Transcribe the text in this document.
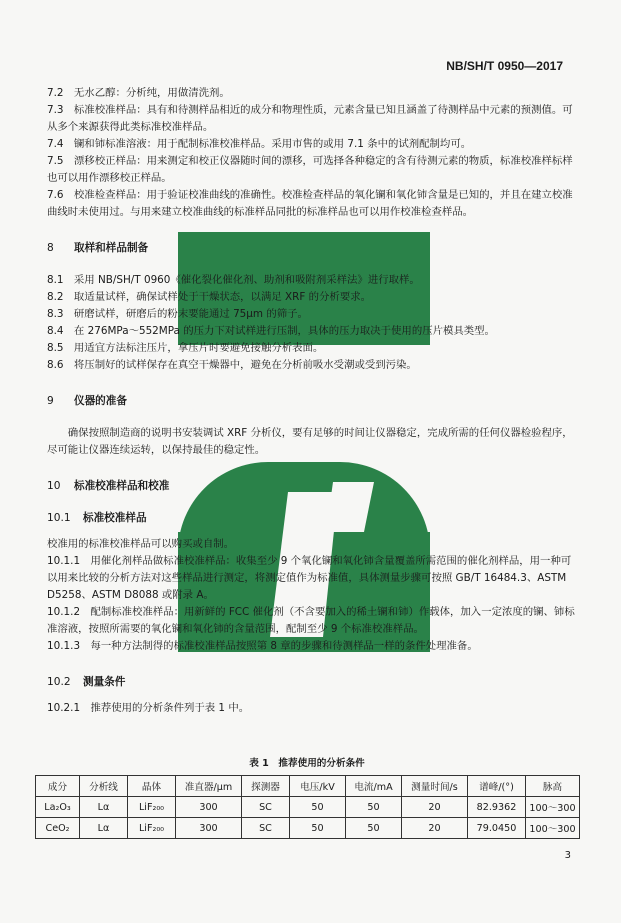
NB/SH/T 0950—2017

7.2　无水乙醇：分析纯，用做清洗剂。

7.3　标准校准样品：具有和待测样品相近的成分和物理性质，元素含量已知且涵盖了待测样品中元素的预测值。可从多个来源获得此类标准校准样品。

7.4　镧和铈标准溶液：用于配制标准校准样品。采用市售的或用 7.1 条中的试剂配制均可。

7.5　漂移校正样品：用来测定和校正仪器随时间的漂移，可选择各种稳定的含有待测元素的物质，标准校准样标样也可以用作漂移校正样品。

7.6　校准检查样品：用于验证校准曲线的准确性。校准检查样品的氧化镧和氧化铈含量是已知的，并且在建立校准曲线时未使用过。与用来建立校准曲线的标准样品同批的标准样品也可以用作校准检查样品。

8 取样和样品制备

8.1　采用 NB/SH/T 0960《催化裂化催化剂、助剂和吸附剂采样法》进行取样。

8.2　取适量试样，确保试样处于干燥状态，以满足 XRF 的分析要求。

8.3　研磨试样，研磨后的粉末要能通过 75μm 的筛子。

8.4　在 276MPa～552MPa 的压力下对试样进行压制，具体的压力取决于使用的压片模具类型。

8.5　用适宜方法标注压片，拿压片时要避免接触分析表面。

8.6　将压制好的试样保存在真空干燥器中，避免在分析前吸水受潮或受到污染。

9 仪器的准备

确保按照制造商的说明书安装调试 XRF 分析仪，要有足够的时间让仪器稳定，完成所需的任何仪器检验程序，尽可能让仪器连续运转，以保持最佳的稳定性。

10 标准校准样品和校准

10.1 标准校准样品

校准用的标准校准样品可以购买或自制。

10.1.1　用催化剂样品做标准校准样品：收集至少 9 个氧化镧和氧化铈含量覆盖所需范围的催化剂样品，用一种可以用来比较的分析方法对这些样品进行测定，将测定值作为标准值，具体测量步骤可按照 GB/T 16484.3、ASTM D5258、ASTM D8088 或附录 A。

10.1.2　配制标准校准样品：用新鲜的 FCC 催化剂（不含要加入的稀土镧和铈）作载体，加入一定浓度的镧、铈标准溶液，按照所需要的氧化镧和氧化铈的含量范围，配制至少 9 个标准校准样品。

10.1.3　每一种方法制得的标准校准样品按照第 8 章的步骤和待测样品一样的条件处理准备。

10.2 测量条件

10.2.1　推荐使用的分析条件列于表 1 中。

表 1　推荐使用的分析条件
成分	分析线	晶体	准直器/μm	探测器	电压/kV	电流/mA	测量时间/s	谱峰/(°)	脉高
La₂O₃	Lα	LiF₂₀₀	300	SC	50	50	20	82.9362	100～300
CeO₂	Lα	LiF₂₀₀	300	SC	50	50	20	79.0450	100～300
3
